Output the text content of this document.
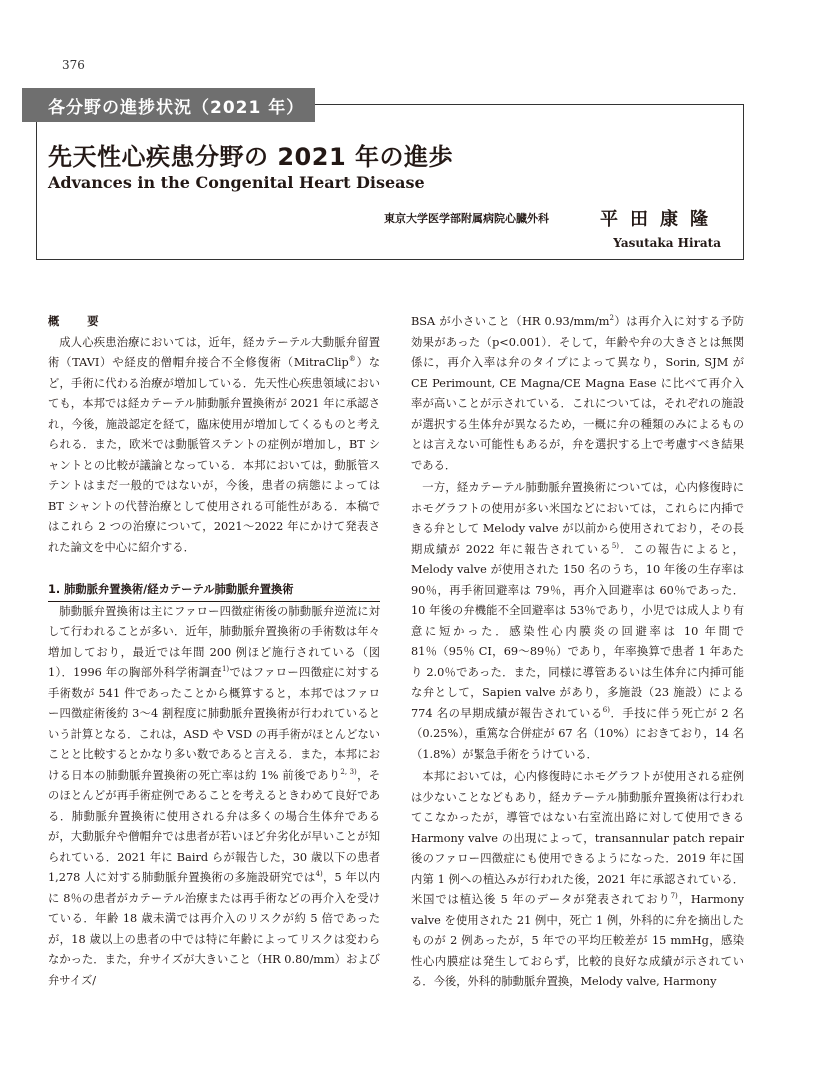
376
各分野の進捗状況（2021 年）
先天性心疾患分野の 2021 年の進歩
Advances in the Congenital Heart Disease
東京大学医学部附属病院心臓外科	平田康隆
Yasutaka Hirata
概要

成人心疾患治療においては，近年，経カテーテル大動脈弁留置術（TAVI）や経皮的僧帽弁接合不全修復術（MitraClip®）など，手術に代わる治療が増加している．先天性心疾患領域においても，本邦では経カテーテル肺動脈弁置換術が 2021 年に承認され，今後，施設認定を経て，臨床使用が増加してくるものと考えられる．また，欧米では動脈管ステントの症例が増加し，BT シャントとの比較が議論となっている．本邦においては，動脈管ステントはまだ一般的ではないが，今後，患者の病態によっては BT シャントの代替治療として使用される可能性がある．本稿ではこれら 2 つの治療について，2021～2022 年にかけて発表された論文を中心に紹介する．

1. 肺動脈弁置換術/経カテーテル肺動脈弁置換術

肺動脈弁置換術は主にファロー四徴症術後の肺動脈弁逆流に対して行われることが多い．近年，肺動脈弁置換術の手術数は年々増加しており，最近では年間 200 例ほど施行されている（図 1）．1996 年の胸部外科学術調査$^{1)}$ではファロー四徴症に対する手術数が 541 件であったことから概算すると，本邦ではファロー四徴症術後約 3～4 割程度に肺動脈弁置換術が行われているという計算となる．これは，ASD や VSD の再手術がほとんどないことと比較するとかなり多い数であると言える．また，本邦における日本の肺動脈弁置換術の死亡率は約 1% 前後であり$^{2, 3)}$，そのほとんどが再手術症例であることを考えるときわめて良好である．肺動脈弁置換術に使用される弁は多くの場合生体弁であるが，大動脈弁や僧帽弁では患者が若いほど弁劣化が早いことが知られている．2021 年に Baird らが報告した，30 歳以下の患者 1,278 人に対する肺動脈弁置換術の多施設研究では$^{4)}$，5 年以内に 8％の患者がカテーテル治療または再手術などの再介入を受けている．年齢 18 歳未満では再介入のリスクが約 5 倍であったが，18 歳以上の患者の中では特に年齢によってリスクは変わらなかった．また，弁サイズが大きいこと（HR 0.80/mm）および弁サイズ/

BSA が小さいこと（HR $0.93/mm/m^2$）は再介入に対する予防効果があった（p<0.001）．そして，年齢や弁の大きさとは無関係に，再介入率は弁のタイプによって異なり，Sorin, SJM が CE Perimount, CE Magna/CE Magna Ease に比べて再介入率が高いことが示されている．これについては，それぞれの施設が選択する生体弁が異なるため，一概に弁の種類のみによるものとは言えない可能性もあるが，弁を選択する上で考慮すべき結果である．

一方，経カテーテル肺動脈弁置換術については，心内修復時にホモグラフトの使用が多い米国などにおいては，これらに内挿できる弁として Melody valve が以前から使用されており，その長期成績が 2022 年に報告されている$^{5)}$．この報告によると，Melody valve が使用された 150 名のうち，10 年後の生存率は 90％，再手術回避率は 79％，再介入回避率は 60％であった．10 年後の弁機能不全回避率は 53％であり，小児では成人より有意に短かった．感染性心内膜炎の回避率は 10 年間で 81％（95％ CI，69～89％）であり，年率換算で患者 1 年あたり 2.0％であった．また，同様に導管あるいは生体弁に内挿可能な弁として，Sapien valve があり，多施設（23 施設）による 774 名の早期成績が報告されている$^{6)}$．手技に伴う死亡が 2 名（0.25%），重篤な合併症が 67 名（10%）におきており，14 名（1.8%）が緊急手術をうけている．

本邦においては，心内修復時にホモグラフトが使用される症例は少ないことなどもあり，経カテーテル肺動脈弁置換術は行われてこなかったが，導管ではない右室流出路に対して使用できる Harmony valve の出現によって，transannular patch repair 後のファロー四徴症にも使用できるようになった．2019 年に国内第 1 例への植込みが行われた後，2021 年に承認されている．米国では植込後 5 年のデータが発表されており$^{7)}$，Harmony valve を使用された 21 例中，死亡 1 例，外科的に弁を摘出したものが 2 例あったが，5 年での平均圧較差が 15 mmHg，感染性心内膜症は発生しておらず，比較的良好な成績が示されている．今後，外科的肺動脈弁置換，Melody valve, Harmony
